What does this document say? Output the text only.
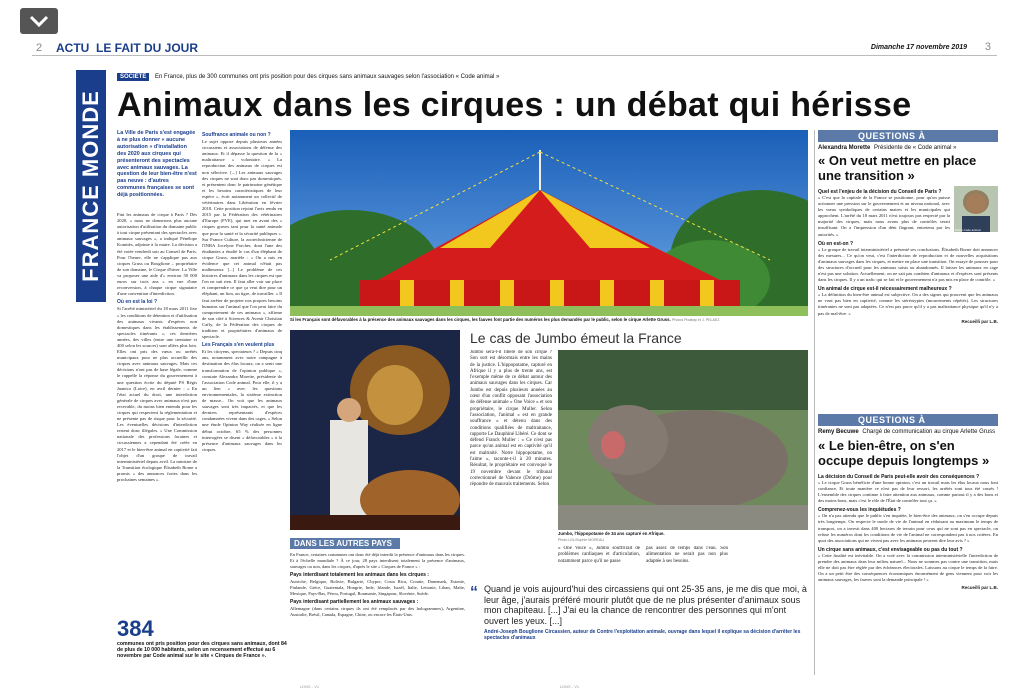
2 ACTU LE FAIT DU JOUR	Dimanche 17 novembre 2019 3
FRANCE MONDE
SOCIÉTÉ En France, plus de 300 communes ont pris position pour des cirques sans animaux sauvages selon l'association « Code animal »
Animaux dans les cirques : un débat qui hérisse
La Ville de Paris s'est engagée à ne plus donner « aucune autorisation » d'installation des 2020 aux cirques qui présenteront des spectacles avec animaux sauvages. La question de leur bien-être n'est pas neuve : d'autres communes françaises se sont déjà positionnées.

Fini les animaux de cirque à Paris ? Dès 2020, « nous ne donnerons plus aucune autorisation d'utilisation du domaine public à tout cirque présentant des spectacles avec animaux sauvages », a indiqué Pénélope Komitès, adjointe à la maire. La décision a été votée vendredi soir au Conseil de Paris. Pour l'heure, elle ne s'applique pas aux cirques Gruss ou Bouglione – propriétaire de son domaine, le Cirque d'hiver. La Ville va proposer une aide d'« environ 50 000 euros sur trois ans » en vue d'une reconversion, à chaque cirque signataire d'une convention d'interdiction.

Où en est la loi ?

Si l'arrêté ministériel du 18 mars 2011 fixe « les conditions de détention et d'utilisation des animaux vivants d'espèces non domestiques dans les établissements de spectacles itinérants », ces dernières années, des villes (entre une trentaine et 400 selon les sources) sont allées plus loin. Elles ont pris des vœux ou arrêtés municipaux pour ne plus accueillir des cirques avec animaux sauvages. Mais ces décisions n'ont pas de base légale, comme le rappelle la réponse du gouvernement à une question écrite du député PS Régis Juanico (Loire), en avril dernier : « En l'état actuel du droit, une interdiction générale de cirques avec animaux n'est pas recevable, du moins bien entendu pour les cirques qui respectent la réglementation et ne présente pas de risque pour la sécurité. Les éventuelles décisions d'interdiction restent donc illégales. » Une Commission nationale des professions foraines et circassiennes a cependant été créée en 2017 et le bien-être animal en captivité fait l'objet d'un groupe de travail interministériel depuis avril. La ministre de la Transition écologique Élisabeth Borne a promis « des annonces fortes dans les prochaines semaines ».

Souffrance animale ou non ?

Le sujet oppose depuis plusieurs années circassiens et associations de défense des animaux. Et il dépasse la question de la « maltraitance » volontaire. « La reproduction des animaux de cirques est non sélective. [...] Les animaux sauvages des cirques ne sont donc pas domestiqués, et présentent donc le patrimoine génétique et les besoins caractéristiques de leur espèce », écrit notamment un collectif de vétérinaires dans Libération en février 2018. Cette position rejoint l'avis rendu en 2015 par la Fédération des vétérinaires d'Europe (FVE), qui met en avant des « risques graves tant pour la santé animale que pour la santé et la sécurité publiques ». Sur France Culture, la zootechnicienne de l'INRA Jocelyne Porcher, dont l'une des étudiantes a étudié le cas d'un éléphant de cirque Gruss, martèle : « On a mis en évidence que cet animal n'était pas malheureux [...] Le problème de ces histoires d'animaux dans les cirques est que l'on ne sait rien. Il faut aller voir sur place et comprendre ce que ça veut dire pour un éléphant, un lion, un tigre, de travailler. » Il faut arrêter de projeter nos propres besoins humains sur l'animal que l'on peut faire du comportement de ces animaux », affirme de son côté à Sciences & Avenir Christian Caffy, de la Fédération des cirques de tradition et propriétaires d'animaux de spectacle.

Les Français s'en veulent plus

Et les citoyens, spectateurs ? « Depuis cinq ans, notamment avec notre campagne à destination des élus locaux, on a senti une transformation de l'opinion publique », constate Alexandra Morette, présidente de l'association Code animal. Pour elle, il y a un lien « avec les questions environnementales, la sixième extinction de masse... On voit que les animaux sauvages sont très impactés, et que les derniers représentants d'espèces condamnées vivent dans des cages. » Selon une étude Opinion Way réalisée en ligne début octobre, 65 % des personnes interrogées se disent « défavorables » à la présence d'animaux sauvages dans les cirques.

Si les Français sont défavorables à la présence des animaux sauvages dans les cirques, les fauves font partie des numéros les plus demandés par le public, selon le cirque Arlette Gruss. Photos Pixabay et J. PELAEZ
Le cas de Jumbo émeut la France

Jumbo sera-t-il libéré de son cirque ? Son sort est désormais entre les mains de la justice. L'hippopotame, capturé en Afrique il y a plus de trente ans, est l'exemple même de ce débat autour des animaux sauvages dans les cirques. Car Jumbo est depuis plusieurs années au cœur d'un conflit opposant l'association de défense animale « One Voice » et son propriétaire, le cirque Muller. Selon l'association, l'animal « est en grande souffrance » et détenu dans des conditions qualifiées de maltraitance, rapporte Le Dauphiné Libéré. Ce dont se défend Franck Muller : « Ce n'est pas parce qu'un animal est en captivité qu'il est maltraité. Notre hippopotame, on l'aime », raconte-t-il à 20 minutes. Résultat, le propriétaire est convoqué le 19 novembre devant le tribunal correctionnel de Valence (Drôme) pour répondre de mauvais traitements. Selon

Jumbo, l'hippopotame de 34 ans capturé en Afrique.
Photo LDL/Sophie MOREAU

« One Voice », Jumbo souffrirait de problèmes cardiaques et d'articulation, notamment parce qu'il ne passe

pas assez de temps dans l'eau. Son alimentation ne serait pas non plus adaptée à ses besoins.

DANS LES AUTRES PAYS

En France, certaines communes ont donc été déjà interdit la présence d'animaux dans les cirques. Et à l'échelle mondiale ? À ce jour, 28 pays interdisent totalement la présence d'animaux, sauvages ou non, dans les cirques, d'après le site « Cirques de France » :

Pays interdisant totalement les animaux dans les cirques :

Autriche, Belgique, Bolivie, Bulgarie, Chypre, Costa Rica, Croatie, Danemark, Estonie, Finlande, Grèce, Guatemala, Hongrie, Inde, Irlande, Israël, Italie, Lettonie, Liban, Malte, Mexique, Pays-Bas, Pérou, Portugal, Roumanie, Singapour, Slovénie, Suède.

Pays interdisant partiellement les animaux sauvages :

Allemagne (dans certains cirques ils ont été remplacés par des hologrammes), Argentine, Australie, Brésil, Canada, Espagne, Chine, ou encore les États-Unis.

384
communes ont pris position pour des cirques sans animaux, dont 84 de plus de 10 000 habitants, selon un recensement effectué au 6 novembre par Code animal sur le site « Cirques de France ».
“ Quand je vois aujourd'hui des circassiens qui ont 25-35 ans, je me dis que moi, à leur âge, j'aurais préféré mourir plutôt que de ne plus présenter d'animaux sous mon chapiteau. [...] J'ai eu la chance de rencontrer des personnes qui m'ont ouvert les yeux. [...]
André-Joseph Bouglione Circassien, auteur de Contre l'exploitation animale, ouvrage dans lequel il explique sa décision d'arrêter les spectacles d'animaux
QUESTIONS À
Alexandra Morette Présidente de « Code animal »
« On veut mettre en place une transition »
Photo Code animal
Quel est l'enjeu de la décision du Conseil de Paris ?

« C'est que la capitale de la France se positionne, pour qu'on puisse actionner une pression sur le gouvernement et au niveau national, avec les vœux symboliques de certains maires et les municipales qui approchent. L'arrêté du 18 mars 2011 n'est toujours pas respecté par la majorité des cirques, mais nous avons plus de contrôles serait insuffisant. On a l'impression d'un déni flagrant, entretenu par les autorités. »

Où en est-on ?

« Le groupe de travail interministériel a présenté ses conclusions. Élisabeth Borne doit annoncer des mesures... Ce qu'on veut, c'est l'interdiction de reproduction et de nouvelles acquisitions d'animaux sauvages dans les cirques, et mettre en place une transition. On essaye de pousser pour des structures d'accueil pour les animaux saisis ou abandonnés. Il laisser les animaux en cage n'est pas une solution. Actuellement, on ne sait pas combien d'animaux et d'espèces sont présents dans les cirques. Il y a un trafic qui se fait et le gouvernement n'a pas mis en place de contrôle. »

Un animal de cirque est-il nécessairement malheureux ?

« La définition du bien-être animal est subjective. On a des signes qui prouvent que les animaux ne vont pas bien en captivité, comme les stéréotypies (mouvements répétés). Les structures itinérantes ne sont pas adaptées. Ce n'est pas parce qu'il y a pas maltraitance physique qu'il n'y a pas de mal-être. »

Recueilli par L.B.
QUESTIONS À
Remy Becuwe Chargé de communication au cirque Arlette Gruss
« Le bien-être, on s'en occupe depuis longtemps »
La décision du Conseil de Paris peut-elle avoir des conséquences ?

« Le cirque Gruss bénéficie d'une bonne opinion, c'est un travail mais les élus locaux nous font confiance. Et toute manière ce n'est pas de leur ressort, les arrêtés sont tous été cassés ! L'ensemble des cirques continue à faire attention aux animaux, comme partout il y a des bons et des moins bons, mais c'est le rôle de l'État de contrôler tout ça. »

Comprenez-vous les inquiétudes ?

« On n'a pas attendu que le public s'en inquiète, le bien-être des animaux, on s'en occupe depuis très longtemps. On respecte le mode de vie de l'animal en réduisant au maximum le temps de transport, on a investi dans 400 hectares de terrain pour ceux qui ne sont pas en spectacle, on refuse les numéros dont les conditions de vie de l'animal ne correspondent pas à nos critères. En quoi des associations qui ne vivent pas avec les animaux peuvent dire leur avis ? »

Un cirque sans animaux, c'est envisageable ou pas du tout ?

« Cette finalité est inévitable. On a voté avec la commission interministérielle l'interdiction de prendre des animaux dans leur milieu naturel... Nous ne sommes pas contre une transition, mais elle ne doit pas être réglée par des échéances électorales. Laissons au cirque le temps de la faire. On a un petit être des conséquences économiques énormément de gens viennent pour voir les animaux sauvages, les fauves sont la demande principale ! »

Recueilli par L.B.
LDNS - V1	LDNS - V1
